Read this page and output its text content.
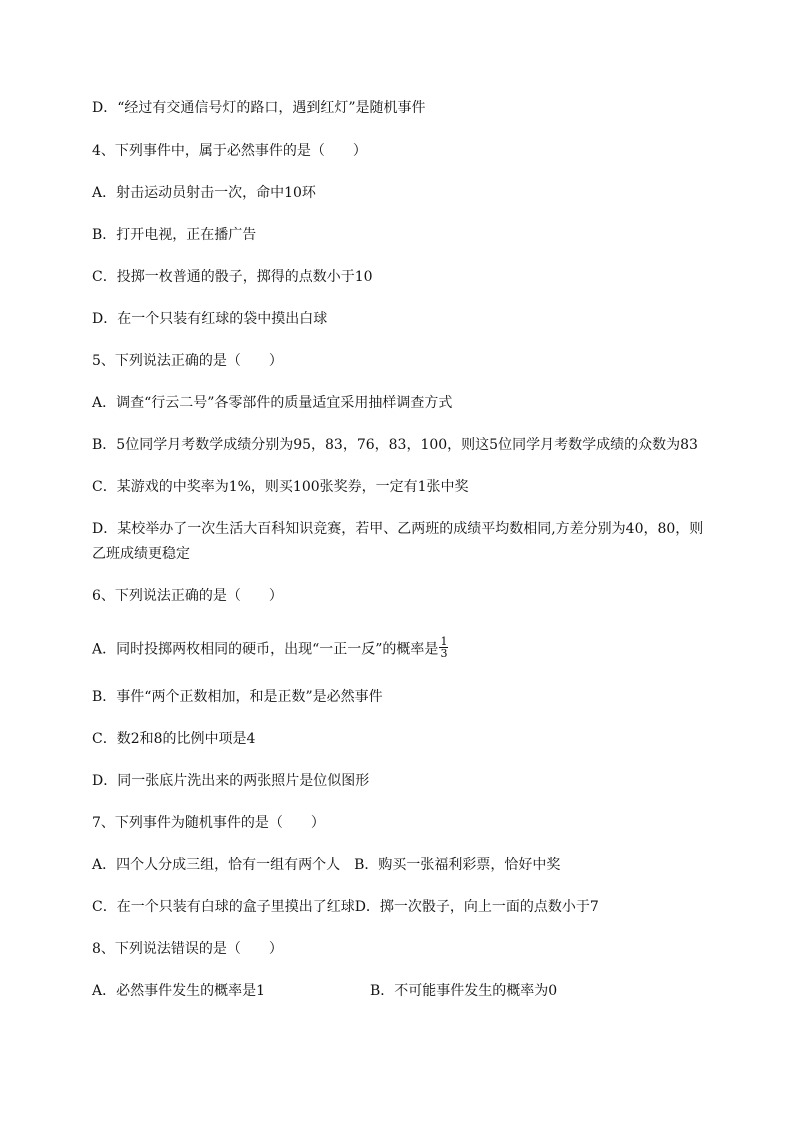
D．“经过有交通信号灯的路口，遇到红灯”是随机事件
4、下列事件中，属于必然事件的是（　　）
A．射击运动员射击一次，命中10环
B．打开电视，正在播广告
C．投掷一枚普通的骰子，掷得的点数小于10
D．在一个只装有红球的袋中摸出白球
5、下列说法正确的是（　　）
A．调查“行云二号”各零部件的质量适宜采用抽样调查方式
B．5位同学月考数学成绩分别为95，83，76，83，100，则这5位同学月考数学成绩的众数为83
C．某游戏的中奖率为1%，则买100张奖券，一定有1张中奖
D．某校举办了一次生活大百科知识竞赛，若甲、乙两班的成绩平均数相同,方差分别为40，80，则
乙班成绩更稳定
6、下列说法正确的是（　　）
A．同时投掷两枚相同的硬币，出现“一正一反”的概率是 $\frac{1}{3}$
B．事件“两个正数相加，和是正数”是必然事件
C．数2和8的比例中项是4
D．同一张底片洗出来的两张照片是位似图形
7、下列事件为随机事件的是（　　）
A．四个人分成三组，恰有一组有两个人　B．购买一张福利彩票，恰好中奖
C．在一个只装有白球的盒子里摸出了红球D．掷一次骰子，向上一面的点数小于7
8、下列说法错误的是（　　）
A．必然事件发生的概率是1	B．不可能事件发生的概率为0
